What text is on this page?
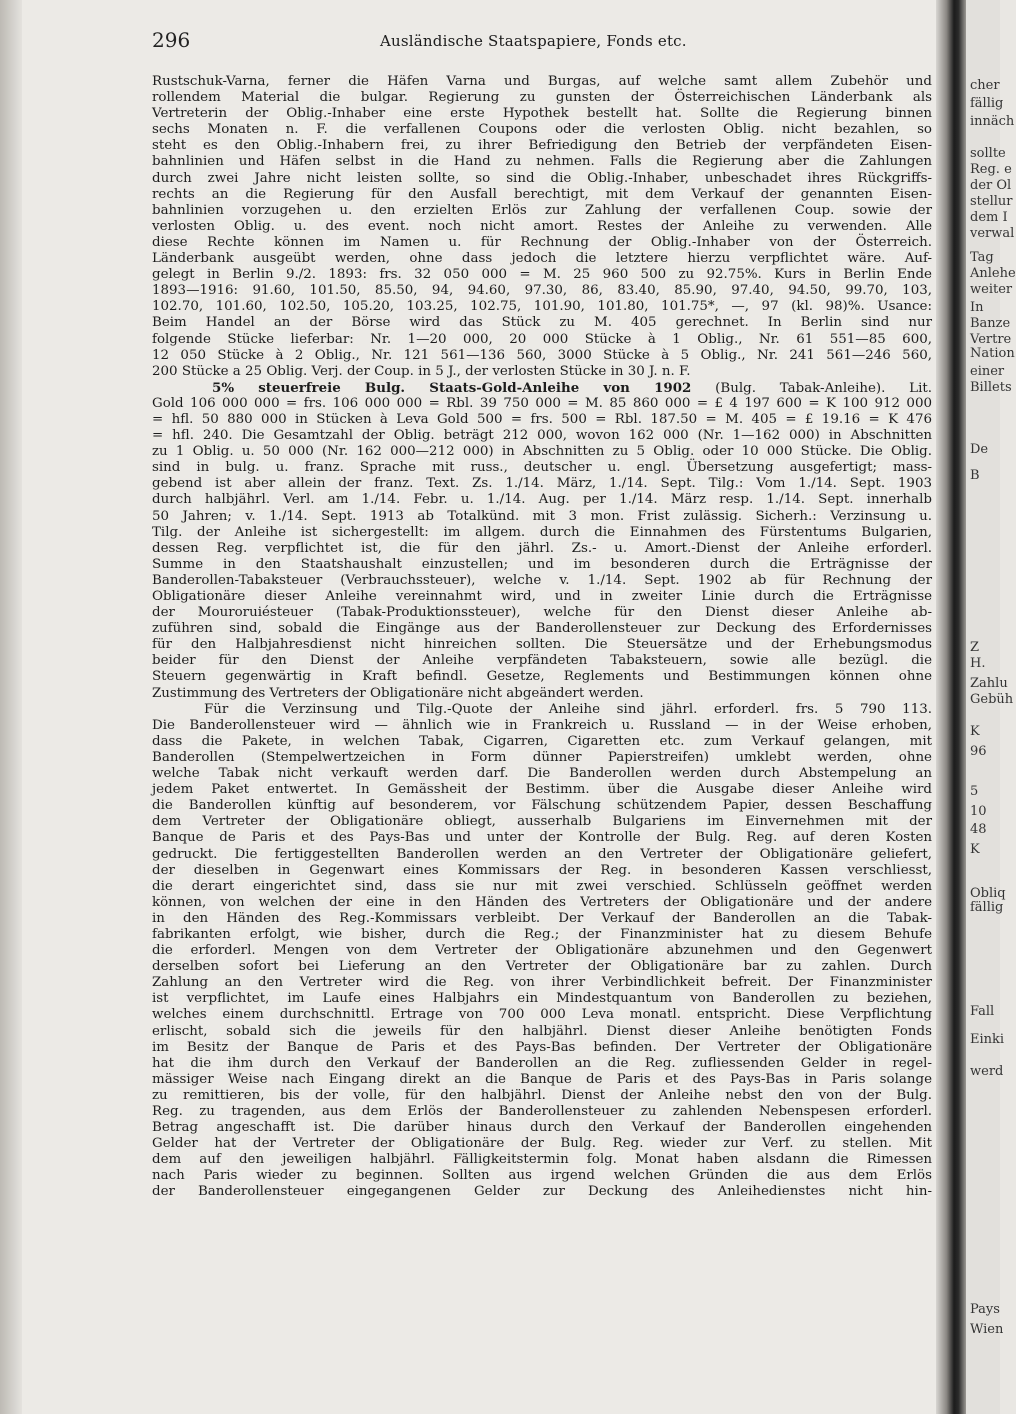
296	Ausländische Staatspapiere, Fonds etc.
Rustschuk-Varna, ferner die Häfen Varna und Burgas, auf welche samt allem Zubehör und
rollendem Material die bulgar. Regierung zu gunsten der Österreichischen Länderbank als
Vertreterin der Oblig.-Inhaber eine erste Hypothek bestellt hat. Sollte die Regierung binnen
sechs Monaten n. F. die verfallenen Coupons oder die verlosten Oblig. nicht bezahlen, so
steht es den Oblig.-Inhabern frei, zu ihrer Befriedigung den Betrieb der verpfändeten Eisen-
bahnlinien und Häfen selbst in die Hand zu nehmen. Falls die Regierung aber die Zahlungen
durch zwei Jahre nicht leisten sollte, so sind die Oblig.-Inhaber, unbeschadet ihres Rückgriffs-
rechts an die Regierung für den Ausfall berechtigt, mit dem Verkauf der genannten Eisen-
bahnlinien vorzugehen u. den erzielten Erlös zur Zahlung der verfallenen Coup. sowie der
verlosten Oblig. u. des event. noch nicht amort. Restes der Anleihe zu verwenden. Alle
diese Rechte können im Namen u. für Rechnung der Oblig.-Inhaber von der Österreich.
Länderbank ausgeübt werden, ohne dass jedoch die letztere hierzu verpflichtet wäre. Auf-
gelegt in Berlin 9./2. 1893: frs. 32 050 000 = M. 25 960 500 zu 92.75%. Kurs in Berlin Ende
1893—1916: 91.60, 101.50, 85.50, 94, 94.60, 97.30, 86, 83.40, 85.90, 97.40, 94.50, 99.70, 103,
102.70, 101.60, 102.50, 105.20, 103.25, 102.75, 101.90, 101.80, 101.75*, —, 97 (kl. 98)%. Usance:
Beim Handel an der Börse wird das Stück zu M. 405 gerechnet. In Berlin sind nur
folgende Stücke lieferbar: Nr. 1—20 000, 20 000 Stücke à 1 Oblig., Nr. 61 551—85 600,
12 050 Stücke à 2 Oblig., Nr. 121 561—136 560, 3000 Stücke à 5 Oblig., Nr. 241 561—246 560,
200 Stücke a 25 Oblig. Verj. der Coup. in 5 J., der verlosten Stücke in 30 J. n. F.
5% steuerfreie Bulg. Staats-Gold-Anleihe von 1902 (Bulg. Tabak-Anleihe). Lit.
Gold 106 000 000 = frs. 106 000 000 = Rbl. 39 750 000 = M. 85 860 000 = £ 4 197 600 = K 100 912 000
= hfl. 50 880 000 in Stücken à Leva Gold 500 = frs. 500 = Rbl. 187.50 = M. 405 = £ 19.16 = K 476
= hfl. 240. Die Gesamtzahl der Oblig. beträgt 212 000, wovon 162 000 (Nr. 1—162 000) in Abschnitten
zu 1 Oblig. u. 50 000 (Nr. 162 000—212 000) in Abschnitten zu 5 Oblig. oder 10 000 Stücke. Die Oblig.
sind in bulg. u. franz. Sprache mit russ., deutscher u. engl. Übersetzung ausgefertigt; mass-
gebend ist aber allein der franz. Text. Zs. 1./14. März, 1./14. Sept. Tilg.: Vom 1./14. Sept. 1903
durch halbjährl. Verl. am 1./14. Febr. u. 1./14. Aug. per 1./14. März resp. 1./14. Sept. innerhalb
50 Jahren; v. 1./14. Sept. 1913 ab Totalkünd. mit 3 mon. Frist zulässig. Sicherh.: Verzinsung u.
Tilg. der Anleihe ist sichergestellt: im allgem. durch die Einnahmen des Fürstentums Bulgarien,
dessen Reg. verpflichtet ist, die für den jährl. Zs.- u. Amort.-Dienst der Anleihe erforderl.
Summe in den Staatshaushalt einzustellen; und im besonderen durch die Erträgnisse der
Banderollen-Tabaksteuer (Verbrauchssteuer), welche v. 1./14. Sept. 1902 ab für Rechnung der
Obligationäre dieser Anleihe vereinnahmt wird, und in zweiter Linie durch die Erträgnisse
der Mouroruiésteuer (Tabak-Produktionssteuer), welche für den Dienst dieser Anleihe ab-
zuführen sind, sobald die Eingänge aus der Banderollensteuer zur Deckung des Erfordernisses
für den Halbjahresdienst nicht hinreichen sollten. Die Steuersätze und der Erhebungsmodus
beider für den Dienst der Anleihe verpfändeten Tabaksteuern, sowie alle bezügl. die
Steuern gegenwärtig in Kraft befindl. Gesetze, Reglements und Bestimmungen können ohne
Zustimmung des Vertreters der Obligationäre nicht abgeändert werden.
Für die Verzinsung und Tilg.-Quote der Anleihe sind jährl. erforderl. frs. 5 790 113.
Die Banderollensteuer wird — ähnlich wie in Frankreich u. Russland — in der Weise erhoben,
dass die Pakete, in welchen Tabak, Cigarren, Cigaretten etc. zum Verkauf gelangen, mit
Banderollen (Stempelwertzeichen in Form dünner Papierstreifen) umklebt werden, ohne
welche Tabak nicht verkauft werden darf. Die Banderollen werden durch Abstempelung an
jedem Paket entwertet. In Gemässheit der Bestimm. über die Ausgabe dieser Anleihe wird
die Banderollen künftig auf besonderem, vor Fälschung schützendem Papier, dessen Beschaffung
dem Vertreter der Obligationäre obliegt, ausserhalb Bulgariens im Einvernehmen mit der
Banque de Paris et des Pays-Bas und unter der Kontrolle der Bulg. Reg. auf deren Kosten
gedruckt. Die fertiggestellten Banderollen werden an den Vertreter der Obligationäre geliefert,
der dieselben in Gegenwart eines Kommissars der Reg. in besonderen Kassen verschliesst,
die derart eingerichtet sind, dass sie nur mit zwei verschied. Schlüsseln geöffnet werden
können, von welchen der eine in den Händen des Vertreters der Obligationäre und der andere
in den Händen des Reg.-Kommissars verbleibt. Der Verkauf der Banderollen an die Tabak-
fabrikanten erfolgt, wie bisher, durch die Reg.; der Finanzminister hat zu diesem Behufe
die erforderl. Mengen von dem Vertreter der Obligationäre abzunehmen und den Gegenwert
derselben sofort bei Lieferung an den Vertreter der Obligationäre bar zu zahlen. Durch
Zahlung an den Vertreter wird die Reg. von ihrer Verbindlichkeit befreit. Der Finanzminister
ist verpflichtet, im Laufe eines Halbjahrs ein Mindestquantum von Banderollen zu beziehen,
welches einem durchschnittl. Ertrage von 700 000 Leva monatl. entspricht. Diese Verpflichtung
erlischt, sobald sich die jeweils für den halbjährl. Dienst dieser Anleihe benötigten Fonds
im Besitz der Banque de Paris et des Pays-Bas befinden. Der Vertreter der Obligationäre
hat die ihm durch den Verkauf der Banderollen an die Reg. zufliessenden Gelder in regel-
mässiger Weise nach Eingang direkt an die Banque de Paris et des Pays-Bas in Paris solange
zu remittieren, bis der volle, für den halbjährl. Dienst der Anleihe nebst den von der Bulg.
Reg. zu tragenden, aus dem Erlös der Banderollensteuer zu zahlenden Nebenspesen erforderl.
Betrag angeschafft ist. Die darüber hinaus durch den Verkauf der Banderollen eingehenden
Gelder hat der Vertreter der Obligationäre der Bulg. Reg. wieder zur Verf. zu stellen. Mit
dem auf den jeweiligen halbjährl. Fälligkeitstermin folg. Monat haben alsdann die Rimessen
nach Paris wieder zu beginnen. Sollten aus irgend welchen Gründen die aus dem Erlös
der Banderollensteuer eingegangenen Gelder zur Deckung des Anleihedienstes nicht hin-
cher
fällig
innäch
sollte
Reg. e
der Ol
stellur
dem I
verwal
Tag
Anlehe
weiter
In
Banze
Vertre
Nation
einer
Billets
De
B
Z
H.
Zahlu
Gebüh
K
96
5
10
48
K
Obliq
fällig
Fall
Einki
werd
Pays
Wien
